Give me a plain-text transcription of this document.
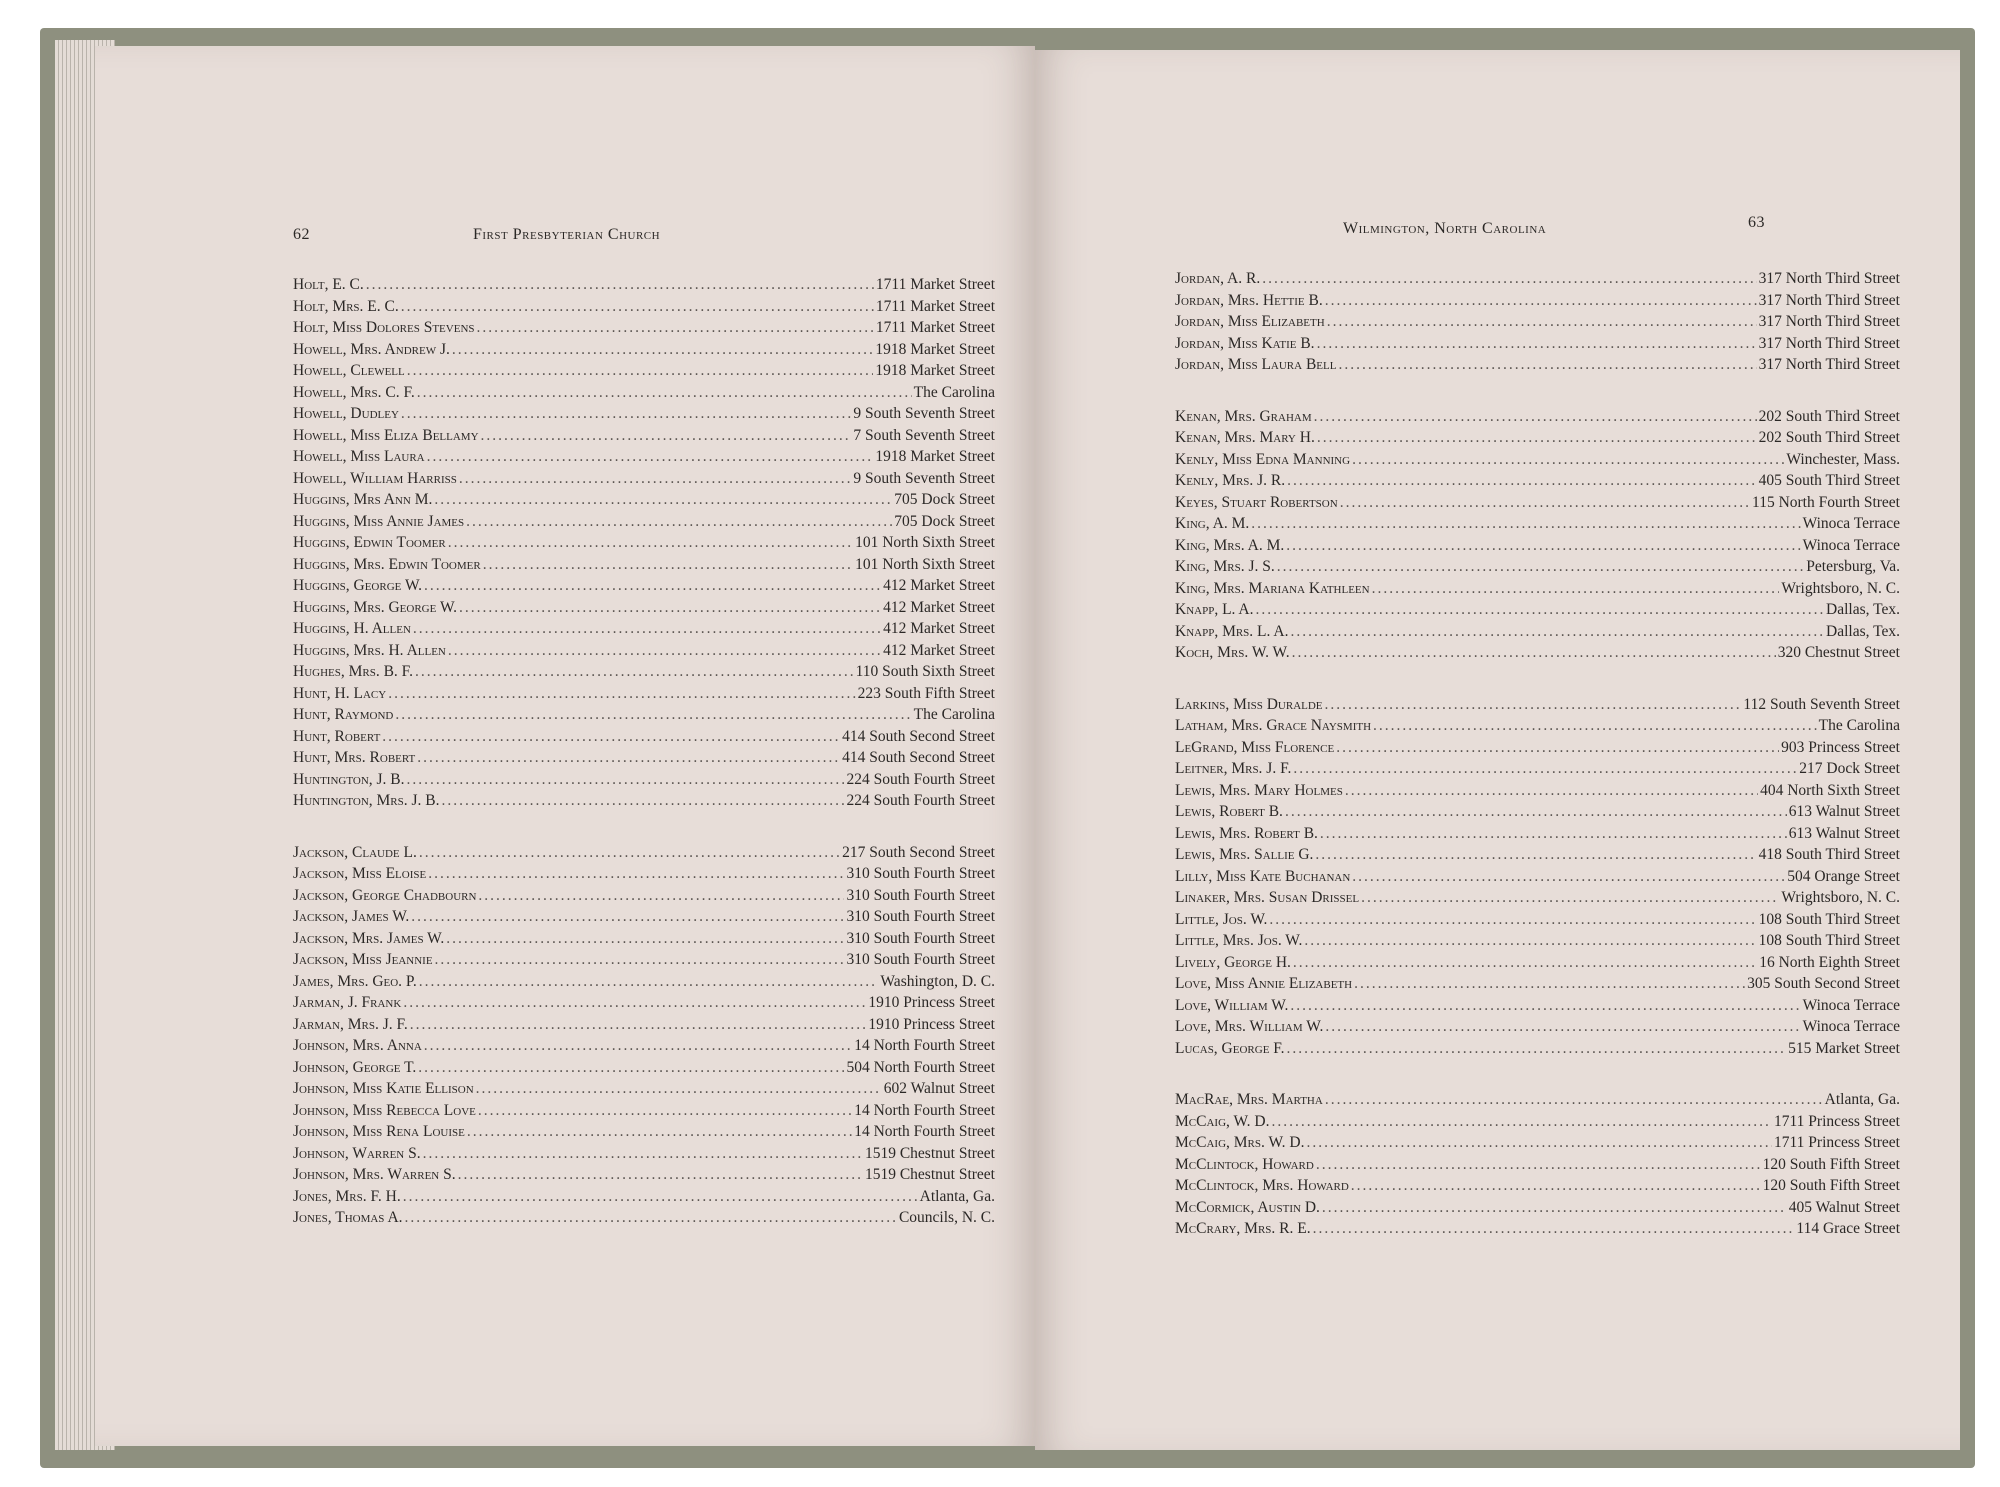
62	First Presbyterian Church
Holt, E. C. .....	1711 Market Street
Holt, Mrs. E. C. .....	1711 Market Street
Holt, Miss Dolores Stevens .....	1711 Market Street
Howell, Mrs. Andrew J. .....	1918 Market Street
Howell, Clewell .....	1918 Market Street
Howell, Mrs. C. F. .....	The Carolina
Howell, Dudley .....	9 South Seventh Street
Howell, Miss Eliza Bellamy .....	7 South Seventh Street
Howell, Miss Laura .....	1918 Market Street
Howell, William Harriss .....	9 South Seventh Street
Huggins, Mrs Ann M. .....	705 Dock Street
Huggins, Miss Annie James .....	705 Dock Street
Huggins, Edwin Toomer .....	101 North Sixth Street
Huggins, Mrs. Edwin Toomer .....	101 North Sixth Street
Huggins, George W. .....	412 Market Street
Huggins, Mrs. George W. .....	412 Market Street
Huggins, H. Allen .....	412 Market Street
Huggins, Mrs. H. Allen .....	412 Market Street
Hughes, Mrs. B. F. .....	110 South Sixth Street
Hunt, H. Lacy .....	223 South Fifth Street
Hunt, Raymond .....	The Carolina
Hunt, Robert .....	414 South Second Street
Hunt, Mrs. Robert .....	414 South Second Street
Huntington, J. B. .....	224 South Fourth Street
Huntington, Mrs. J. B. .....	224 South Fourth Street
Jackson, Claude L. .....	217 South Second Street
Jackson, Miss Eloise .....	310 South Fourth Street
Jackson, George Chadbourn .....	310 South Fourth Street
Jackson, James W. .....	310 South Fourth Street
Jackson, Mrs. James W. .....	310 South Fourth Street
Jackson, Miss Jeannie .....	310 South Fourth Street
James, Mrs. Geo. P. .....	Washington, D. C.
Jarman, J. Frank .....	1910 Princess Street
Jarman, Mrs. J. F. .....	1910 Princess Street
Johnson, Mrs. Anna .....	14 North Fourth Street
Johnson, George T. .....	504 North Fourth Street
Johnson, Miss Katie Ellison .....	602 Walnut Street
Johnson, Miss Rebecca Love .....	14 North Fourth Street
Johnson, Miss Rena Louise .....	14 North Fourth Street
Johnson, Warren S. .....	1519 Chestnut Street
Johnson, Mrs. Warren S. .....	1519 Chestnut Street
Jones, Mrs. F. H. .....	Atlanta, Ga.
Jones, Thomas A. .....	Councils, N. C.
Wilmington, North Carolina	63
Jordan, A. R. .....	317 North Third Street
Jordan, Mrs. Hettie B. .....	317 North Third Street
Jordan, Miss Elizabeth .....	317 North Third Street
Jordan, Miss Katie B. .....	317 North Third Street
Jordan, Miss Laura Bell .....	317 North Third Street
Kenan, Mrs. Graham .....	202 South Third Street
Kenan, Mrs. Mary H. .....	202 South Third Street
Kenly, Miss Edna Manning .....	Winchester, Mass.
Kenly, Mrs. J. R. .....	405 South Third Street
Keyes, Stuart Robertson .....	115 North Fourth Street
King, A. M. .....	Winoca Terrace
King, Mrs. A. M. .....	Winoca Terrace
King, Mrs. J. S. .....	Petersburg, Va.
King, Mrs. Mariana Kathleen .....	Wrightsboro, N. C.
Knapp, L. A. .....	Dallas, Tex.
Knapp, Mrs. L. A. .....	Dallas, Tex.
Koch, Mrs. W. W. .....	320 Chestnut Street
Larkins, Miss Duralde .....	112 South Seventh Street
Latham, Mrs. Grace Naysmith .....	The Carolina
LeGrand, Miss Florence .....	903 Princess Street
Leitner, Mrs. J. F. .....	217 Dock Street
Lewis, Mrs. Mary Holmes .....	404 North Sixth Street
Lewis, Robert B. .....	613 Walnut Street
Lewis, Mrs. Robert B. .....	613 Walnut Street
Lewis, Mrs. Sallie G. .....	418 South Third Street
Lilly, Miss Kate Buchanan .....	504 Orange Street
Linaker, Mrs. Susan Drissel .....	Wrightsboro, N. C.
Little, Jos. W. .....	108 South Third Street
Little, Mrs. Jos. W. .....	108 South Third Street
Lively, George H. .....	16 North Eighth Street
Love, Miss Annie Elizabeth .....	305 South Second Street
Love, William W. .....	Winoca Terrace
Love, Mrs. William W. .....	Winoca Terrace
Lucas, George F. .....	515 Market Street
MacRae, Mrs. Martha .....	Atlanta, Ga.
McCaig, W. D. .....	1711 Princess Street
McCaig, Mrs. W. D. .....	1711 Princess Street
McClintock, Howard .....	120 South Fifth Street
McClintock, Mrs. Howard .....	120 South Fifth Street
McCormick, Austin D. .....	405 Walnut Street
McCrary, Mrs. R. E. .....	114 Grace Street
